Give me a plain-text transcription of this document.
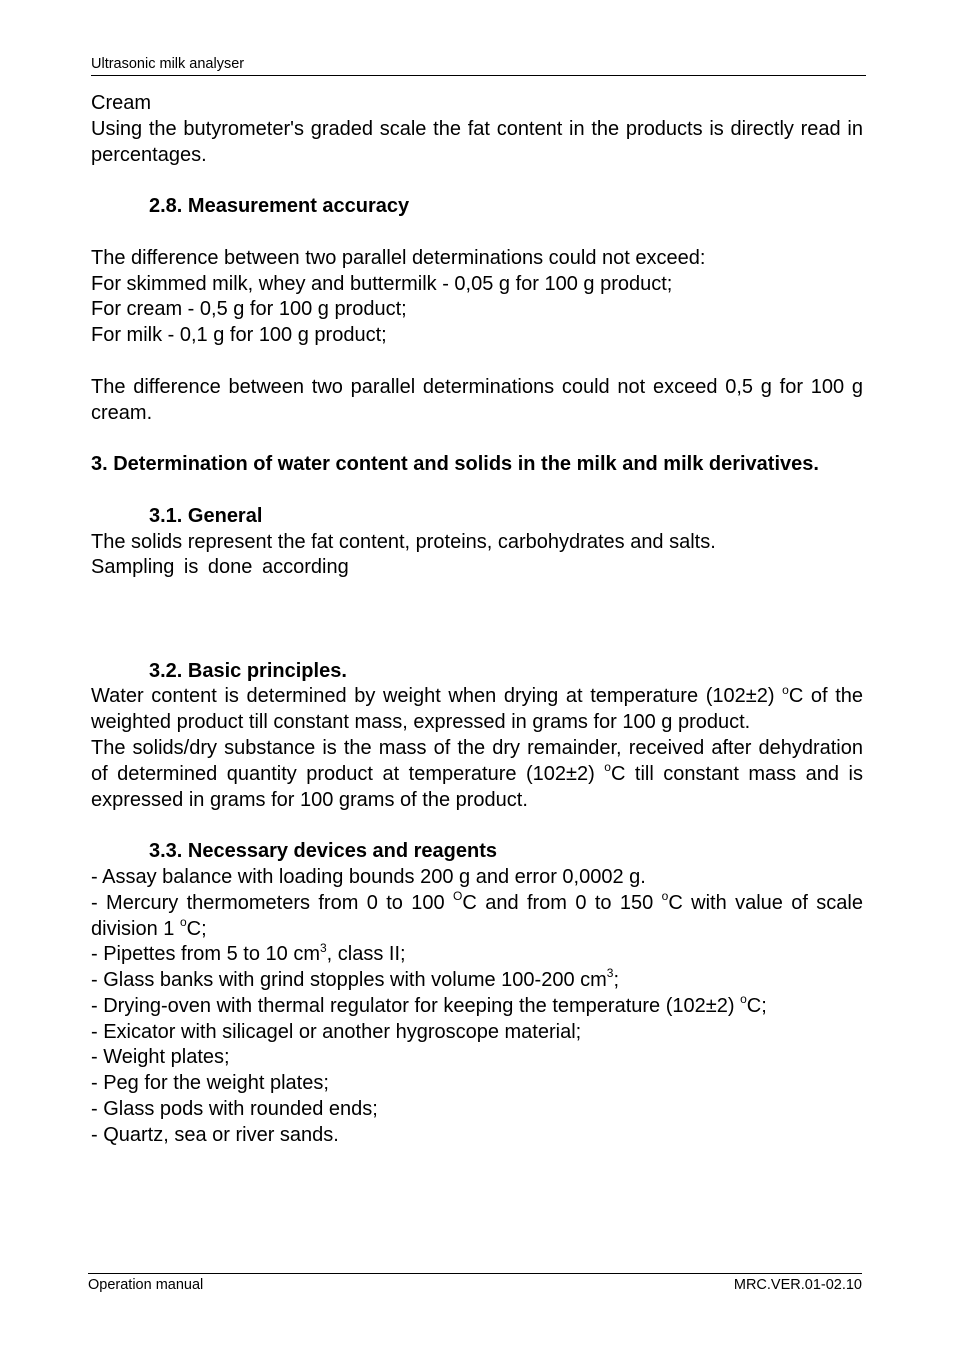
Ultrasonic milk analyser

Cream

Using the butyrometer's graded scale the fat content in the products is directly read in percentages.

2.8. Measurement accuracy

The difference between two parallel determinations could not exceed:

For skimmed milk, whey and buttermilk - 0,05 g for 100 g product;

For cream - 0,5 g for 100 g product;

For milk - 0,1 g for 100 g product;

The difference between two parallel determinations could not exceed 0,5 g for 100 g cream.

3. Determination of water content and solids in the milk and milk derivatives.

3.1. General

The solids represent the fat content, proteins, carbohydrates and salts.

Sampling is done according

3.2. Basic principles.

Water content is determined by weight when drying at temperature (102±2) $^o$C of the weighted product till constant mass, expressed in grams for 100 g product.

The solids/dry substance is the mass of the dry remainder, received after dehydration of determined quantity product at temperature (102±2) $^o$C till constant mass and is expressed in grams for 100 grams of the product.

3.3. Necessary devices and reagents

- Assay balance with loading bounds 200 g and error 0,0002 g.

- Mercury thermometers from 0 to 100 $^O$C and from 0 to 150 $^o$C with value of scale division 1 $^o$C;

- Pipettes from 5 to 10 $cm^3$, class II;

- Glass banks with grind stopples with volume 100-200 $cm^3$;

- Drying-oven with thermal regulator for keeping the temperature (102±2) $^o$C;

- Exicator with silicagel or another hygroscope material;

- Weight plates;

- Peg for the weight plates;

- Glass pods with rounded ends;

- Quartz, sea or river sands.

Operation manual	MRC.VER.01-02.10
